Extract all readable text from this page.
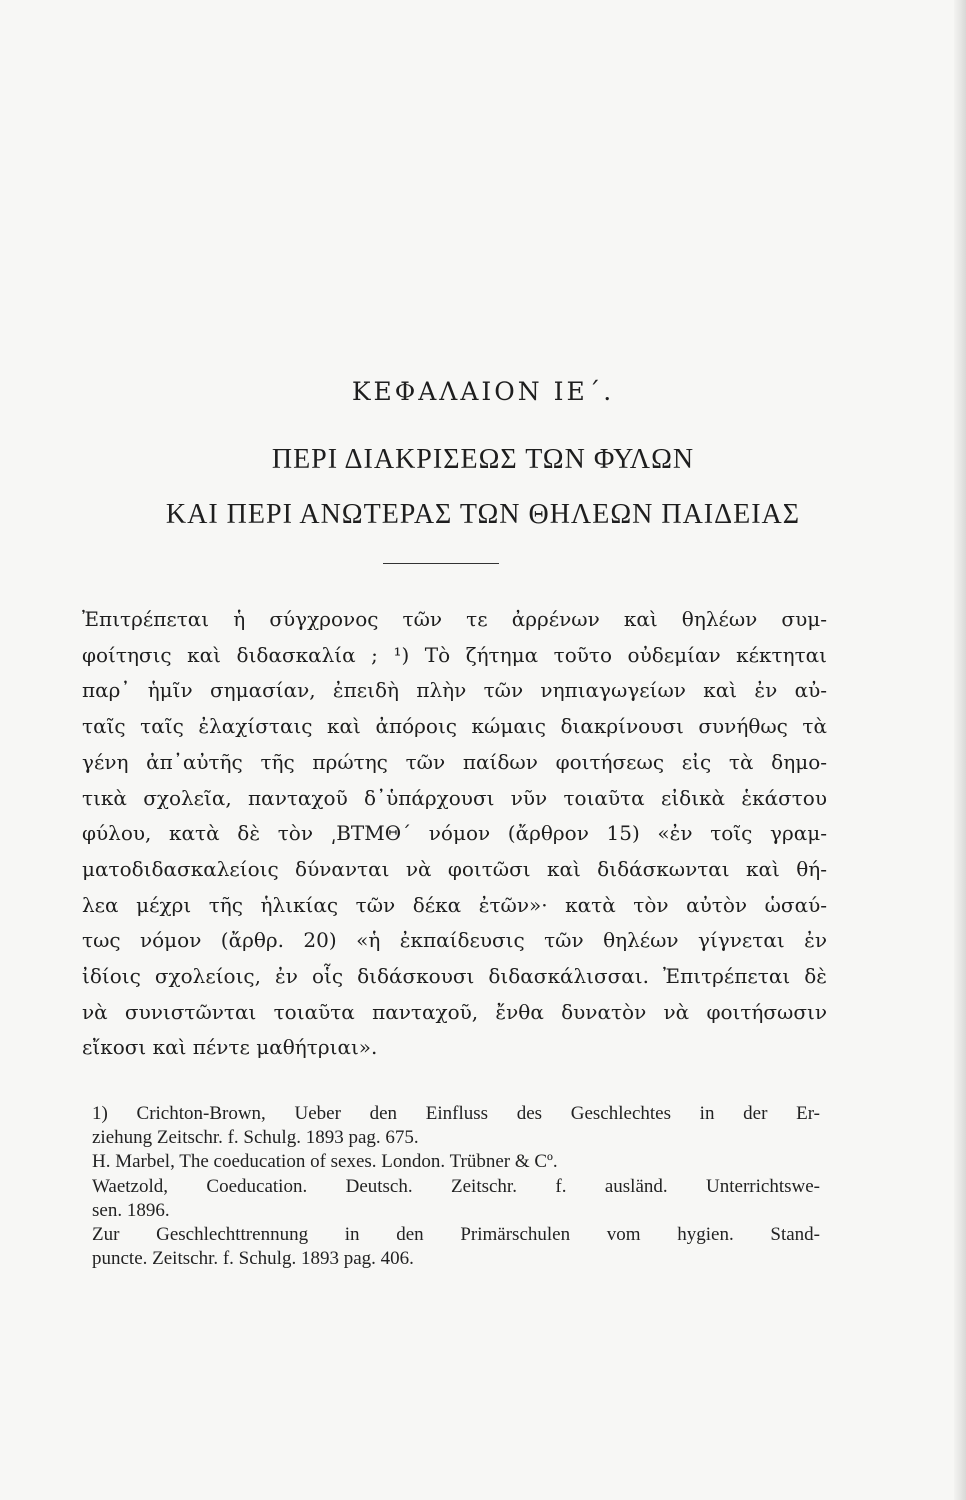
ΚΕΦΑΛΑΙΟΝ ΙΕ΄.
ΠΕΡΙ ΔΙΑΚΡΙΣΕΩΣ ΤΩΝ ΦΥΛΩΝ
ΚΑΙ ΠΕΡΙ ΑΝΩΤΕΡΑΣ ΤΩΝ ΘΗΛΕΩΝ ΠΑΙΔΕΙΑΣ
Ἐπιτρέπεται ἡ σύγχρονος τῶν τε ἀρρένων καὶ θηλέων συμ-
φοίτησις καὶ διδασκαλία ; ¹) Τὸ ζήτημα τοῦτο οὐδεμίαν κέκτηται
παρ᾿ ἡμῖν σημασίαν, ἐπειδὴ πλὴν τῶν νηπιαγωγείων καὶ ἐν αὐ-
ταῖς ταῖς ἐλαχίσταις καὶ ἀπόροις κώμαις διακρίνουσι συνήθως τὰ
γένη ἀπ᾿αὐτῆς τῆς πρώτης τῶν παίδων φοιτήσεως εἰς τὰ δημο-
τικὰ σχολεῖα, πανταχοῦ δ᾿ὑπάρχουσι νῦν τοιαῦτα εἰδικὰ ἑκάστου
φύλου, κατὰ δὲ τὸν ͵ΒΤΜΘ΄ νόμον (ἄρθρον 15) «ἐν τοῖς γραμ-
ματοδιδασκαλείοις δύνανται νὰ φοιτῶσι καὶ διδάσκωνται καὶ θή-
λεα μέχρι τῆς ἡλικίας τῶν δέκα ἐτῶν»· κατὰ τὸν αὐτὸν ὡσαύ-
τως νόμον (ἄρθρ. 20) «ἡ ἐκπαίδευσις τῶν θηλέων γίγνεται ἐν
ἰδίοις σχολείοις, ἐν οἷς διδάσκουσι διδασκάλισσαι. Ἐπιτρέπεται δὲ
νὰ συνιστῶνται τοιαῦτα πανταχοῦ, ἔνθα δυνατὸν νὰ φοιτήσωσιν
εἴκοσι καὶ πέντε μαθήτριαι».
1) Crichton-Brown, Ueber den Einfluss des Geschlechtes in der Er-
ziehung Zeitschr. f. Schulg. 1893 pag. 675.
H. Marbel, The coeducation of sexes. London. Trübner & Cº.
Waetzold, Coeducation. Deutsch. Zeitschr. f. ausländ. Unterrichtswe-
sen. 1896.
Zur Geschlechttrennung in den Primärschulen vom hygien. Stand-
puncte. Zeitschr. f. Schulg. 1893 pag. 406.
